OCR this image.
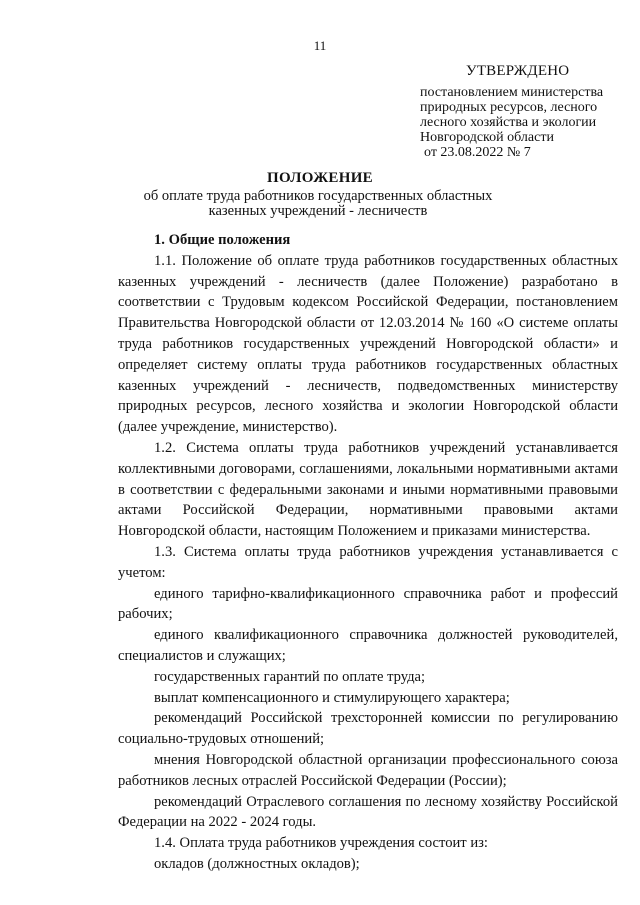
11
УТВЕРЖДЕНО
постановлением министерства
природных ресурсов, лесного
лесного хозяйства и экологии
Новгородской области
от 23.08.2022 № 7
ПОЛОЖЕНИЕ
об оплате труда работников государственных областных казенных учреждений - лесничеств

1. Общие положения

1.1. Положение об оплате труда работников государственных областных казенных учреждений - лесничеств (далее Положение) разработано в соответствии с Трудовым кодексом Российской Федерации, постановлением Правительства Новгородской области от 12.03.2014 № 160 «О системе оплаты труда работников государственных учреждений Новгородской области» и определяет систему оплаты труда работников государственных областных казенных учреждений - лесничеств, подведомственных министерству природных ресурсов, лесного хозяйства и экологии Новгородской области (далее учреждение, министерство).

1.2. Система оплаты труда работников учреждений устанавливается коллективными договорами, соглашениями, локальными нормативными актами в соответствии с федеральными законами и иными нормативными правовыми актами Российской Федерации, нормативными правовыми актами Новгородской области, настоящим Положением и приказами министерства.

1.3. Система оплаты труда работников учреждения устанавливается с учетом:

единого тарифно-квалификационного справочника работ и профессий рабочих;

единого квалификационного справочника должностей руководителей, специалистов и служащих;

государственных гарантий по оплате труда;

выплат компенсационного и стимулирующего характера;

рекомендаций Российской трехсторонней комиссии по регулированию социально-трудовых отношений;

мнения Новгородской областной организации профессионального союза работников лесных отраслей Российской Федерации (России);

рекомендаций Отраслевого соглашения по лесному хозяйству Российской Федерации на 2022 - 2024 годы.

1.4. Оплата труда работников учреждения состоит из:

окладов (должностных окладов);
